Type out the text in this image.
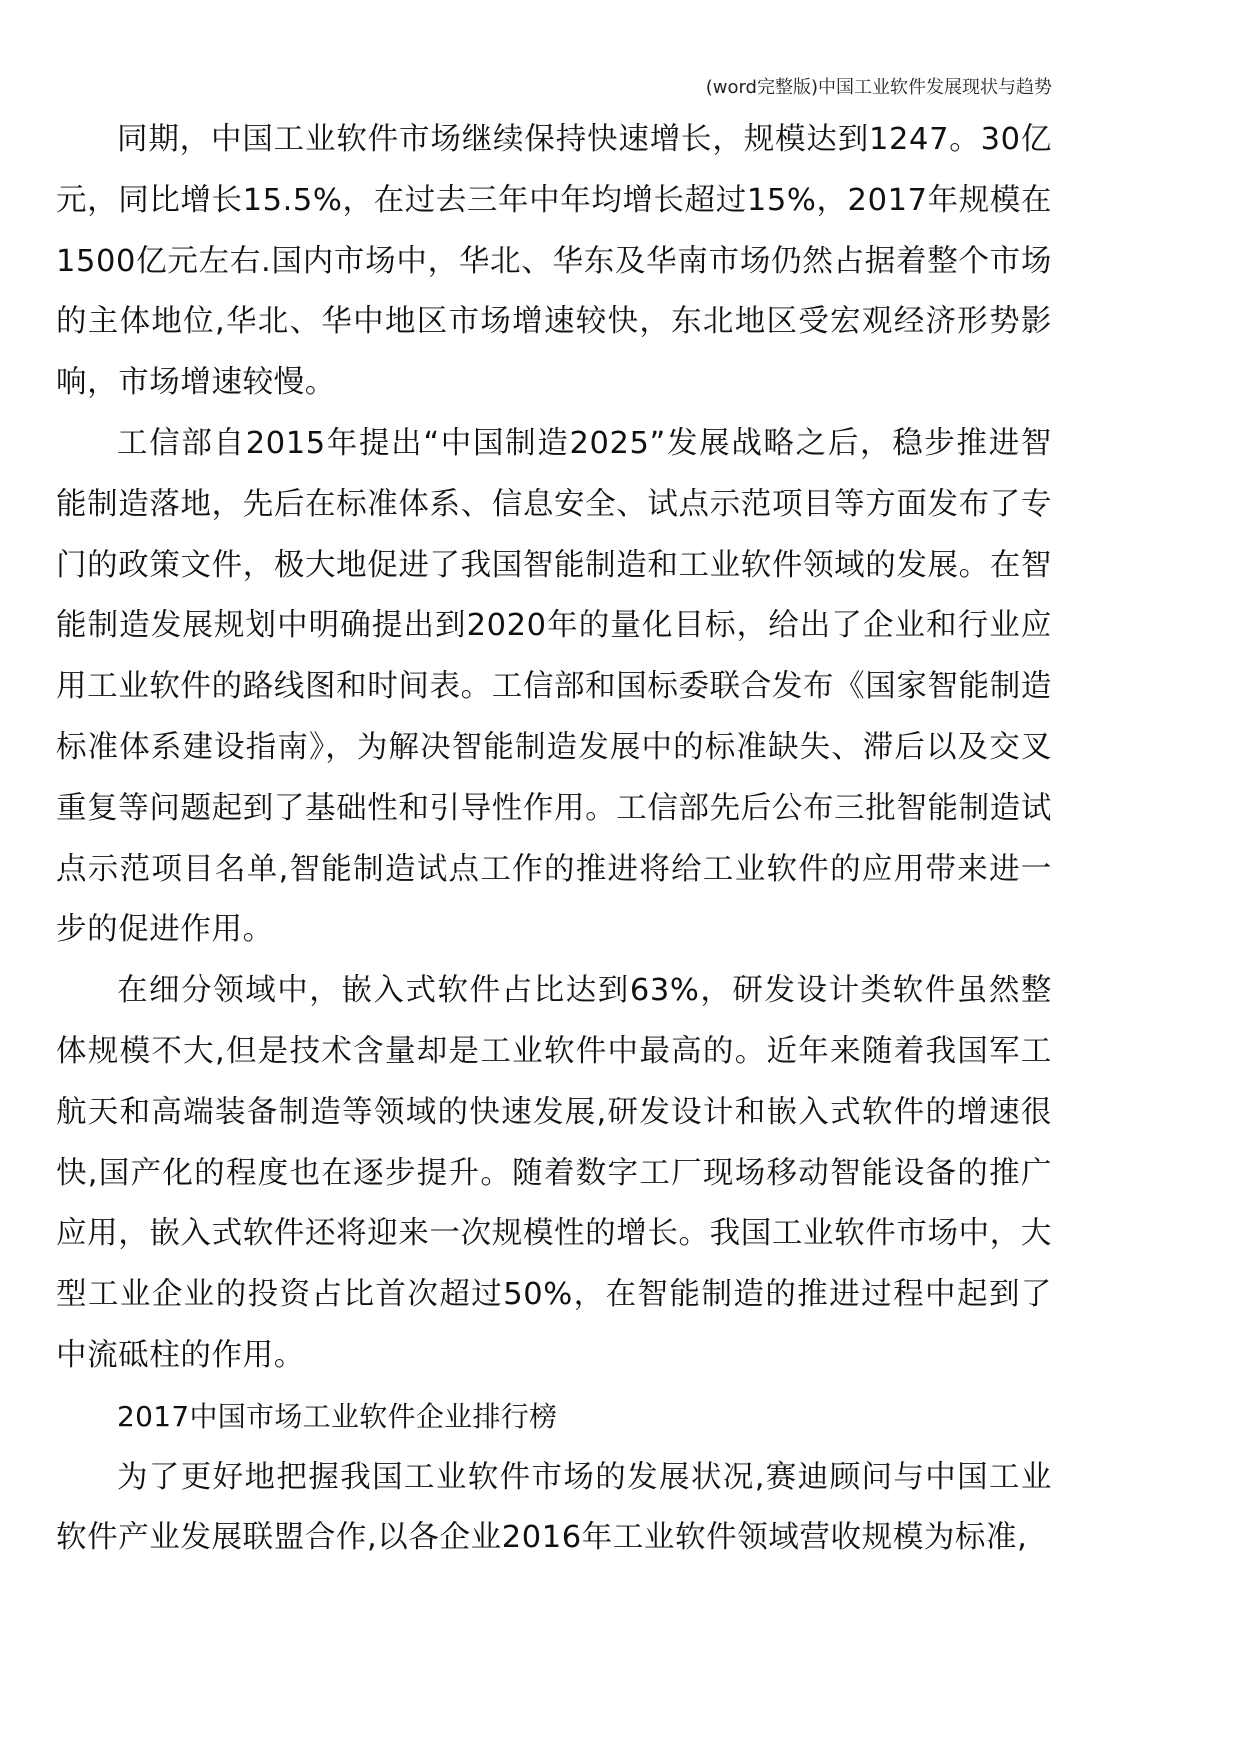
(word完整版)中国工业软件发展现状与趋势

同期，中国工业软件市场继续保持快速增长，规模达到1247。30亿元，同比增长15.5%，在过去三年中年均增长超过15%，2017年规模在1500亿元左右.国内市场中，华北、华东及华南市场仍然占据着整个市场的主体地位,华北、华中地区市场增速较快，东北地区受宏观经济形势影响，市场增速较慢。

工信部自2015年提出“中国制造2025”发展战略之后，稳步推进智能制造落地，先后在标准体系、信息安全、试点示范项目等方面发布了专门的政策文件，极大地促进了我国智能制造和工业软件领域的发展。在智能制造发展规划中明确提出到2020年的量化目标，给出了企业和行业应用工业软件的路线图和时间表。工信部和国标委联合发布《国家智能制造标准体系建设指南》，为解决智能制造发展中的标准缺失、滞后以及交叉重复等问题起到了基础性和引导性作用。工信部先后公布三批智能制造试点示范项目名单,智能制造试点工作的推进将给工业软件的应用带来进一步的促进作用。

在细分领域中，嵌入式软件占比达到63%，研发设计类软件虽然整体规模不大,但是技术含量却是工业软件中最高的。近年来随着我国军工航天和高端装备制造等领域的快速发展,研发设计和嵌入式软件的增速很快,国产化的程度也在逐步提升。随着数字工厂现场移动智能设备的推广应用，嵌入式软件还将迎来一次规模性的增长。我国工业软件市场中，大型工业企业的投资占比首次超过50%，在智能制造的推进过程中起到了中流砥柱的作用。

2017中国市场工业软件企业排行榜

为了更好地把握我国工业软件市场的发展状况,赛迪顾问与中国工业软件产业发展联盟合作,以各企业2016年工业软件领域营收规模为标准,
